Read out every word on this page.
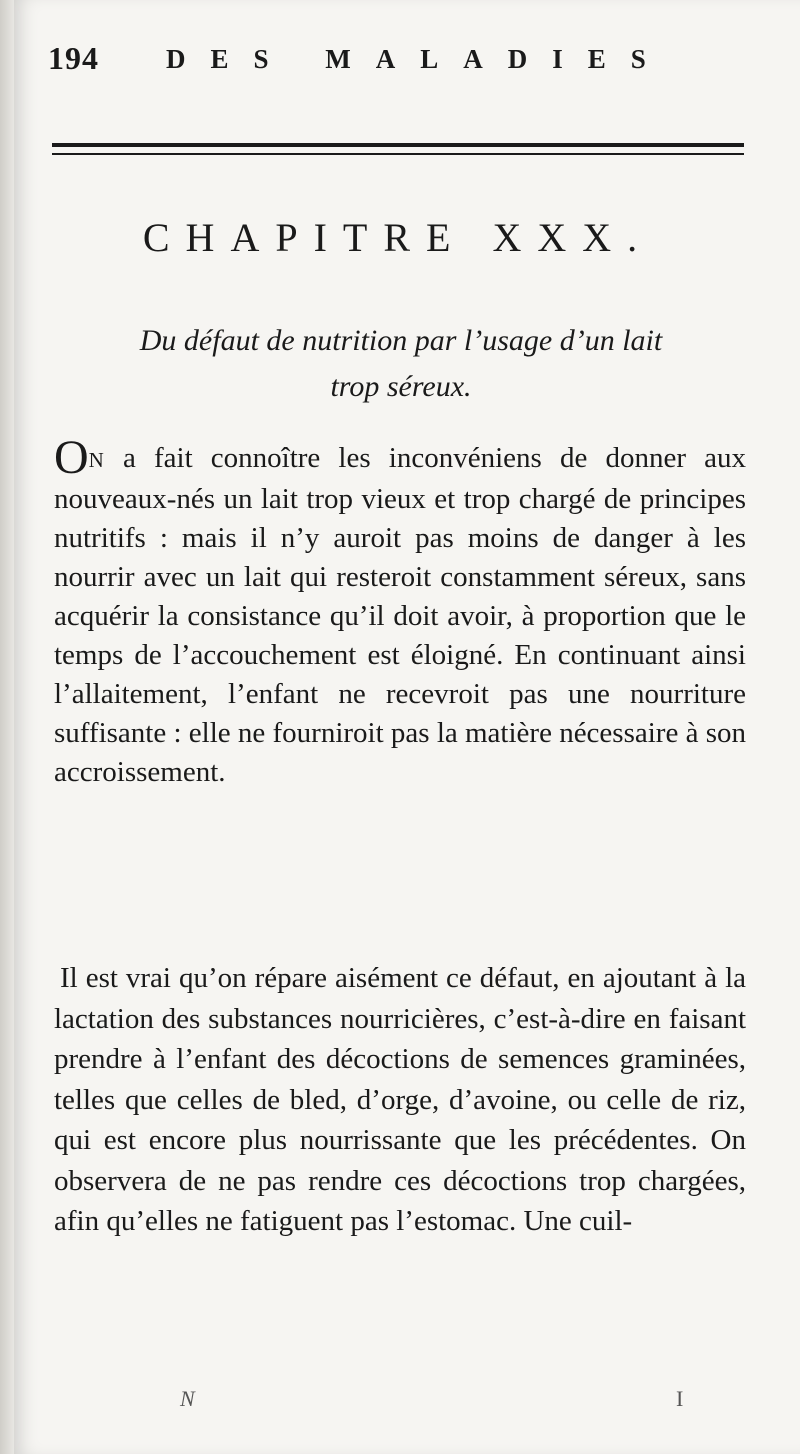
194 DES MALADIES
CHAPITRE XXX.
Du défaut de nutrition par l’usage d’un lait
trop séreux.

ON a fait connoître les inconvéniens de donner aux nouveaux-nés un lait trop vieux et trop chargé de principes nutritifs : mais il n’y auroit pas moins de danger à les nourrir avec un lait qui resteroit constamment séreux, sans acquérir la consistance qu’il doit avoir, à proportion que le temps de l’accouchement est éloigné. En continuant ainsi l’allaitement, l’enfant ne recevroit pas une nourriture suffisante : elle ne fourniroit pas la matière nécessaire à son accroissement.

Il est vrai qu’on répare aisément ce défaut, en ajoutant à la lactation des substances nourricières, c’est-à-dire en faisant prendre à l’enfant des décoctions de semences graminées, telles que celles de bled, d’orge, d’avoine, ou celle de riz, qui est encore plus nourrissante que les précédentes. On observera de ne pas rendre ces décoctions trop chargées, afin qu’elles ne fatiguent pas l’estomac. Une cuil-

N	I
